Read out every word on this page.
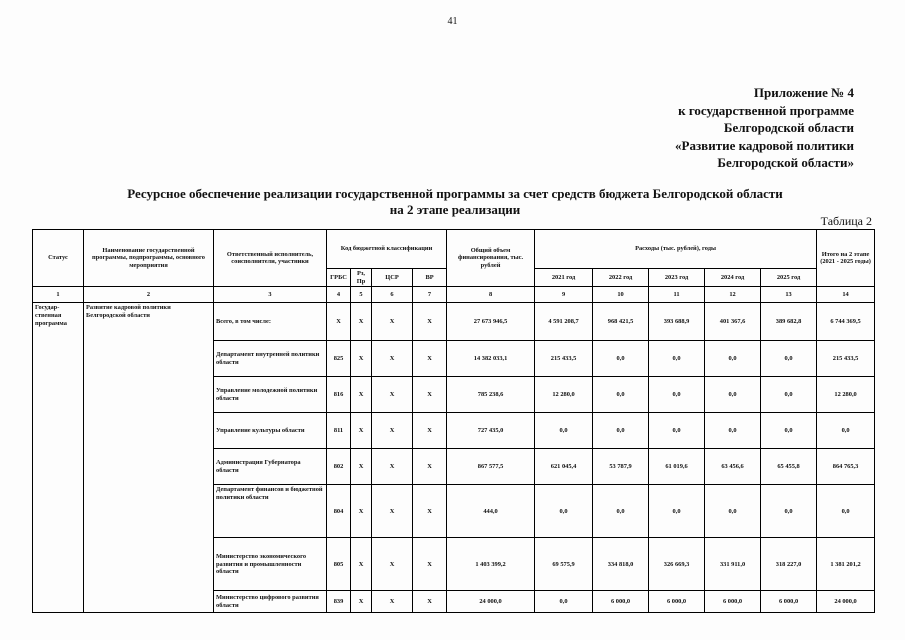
41
Приложение № 4
к государственной программе
Белгородской области
«Развитие кадровой политики
Белгородской области»
Ресурсное обеспечение реализации государственной программы за счет средств бюджета Белгородской области
на 2 этапе реализации
Таблица 2
Статус	Наименование государственной программы, подпрограммы, основного мероприятия	Ответственный исполнитель, соисполнители, участники	Код бюджетной классификации				Общий объем финансирования, тыс. рублей	Расходы (тыс. рублей), годы					Итого на 2 этапе (2021 - 2025 годы)
			ГРБС	Рз, Пр	ЦСР	ВР		2021 год	2022 год	2023 год	2024 год	2025 год	
1	2	3	4	5	6	7	8	9	10	11	12	13	14
Государ-ственная программа	Развитие кадровой политики Белгородской области	Всего, в том числе:	X	X	X	X	27 673 946,5	4 591 208,7	968 421,5	393 688,9	401 367,6	389 682,8	6 744 369,5
		Департамент внутренней политики области	825	X	X	X	14 382 033,1	215 433,5	0,0	0,0	0,0	0,0	215 433,5
		Управление молодежной политики области	816	X	X	X	785 238,6	12 280,0	0,0	0,0	0,0	0,0	12 280,0
		Управление культуры области	811	X	X	X	727 435,0	0,0	0,0	0,0	0,0	0,0	0,0
		Администрация Губернатора области	802	X	X	X	867 577,5	621 045,4	53 787,9	61 019,6	63 456,6	65 455,8	864 765,3
		Департамент финансов и бюджетной политики области	804	X	X	X	444,0	0,0	0,0	0,0	0,0	0,0	0,0
		Министерство экономического развития и промышленности области	805	X	X	X	1 403 399,2	69 575,9	334 818,0	326 669,3	331 911,0	318 227,0	1 381 201,2
		Министерство цифрового развития области	839	X	X	X	24 000,0	0,0	6 000,0	6 000,0	6 000,0	6 000,0	24 000,0
